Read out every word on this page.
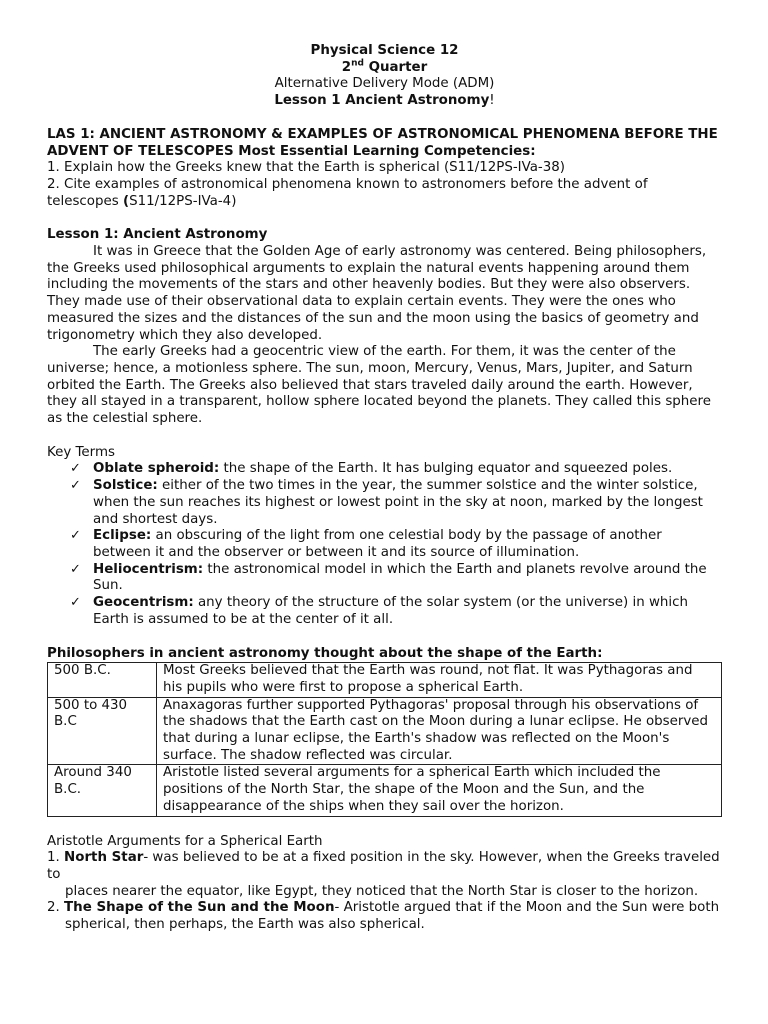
Physical Science 12

2nd Quarter

Alternative Delivery Mode (ADM)

Lesson 1 Ancient Astronomy!

LAS 1: ANCIENT ASTRONOMY & EXAMPLES OF ASTRONOMICAL PHENOMENA BEFORE THE ADVENT OF TELESCOPES Most Essential Learning Competencies:

1. Explain how the Greeks knew that the Earth is spherical (S11/12PS-IVa-38)

2. Cite examples of astronomical phenomena known to astronomers before the advent of telescopes (S11/12PS-IVa-4)

Lesson 1: Ancient Astronomy

It was in Greece that the Golden Age of early astronomy was centered. Being philosophers, the Greeks used philosophical arguments to explain the natural events happening around them including the movements of the stars and other heavenly bodies. But they were also observers. They made use of their observational data to explain certain events. They were the ones who measured the sizes and the distances of the sun and the moon using the basics of geometry and trigonometry which they also developed.

The early Greeks had a geocentric view of the earth. For them, it was the center of the universe; hence, a motionless sphere. The sun, moon, Mercury, Venus, Mars, Jupiter, and Saturn orbited the Earth. The Greeks also believed that stars traveled daily around the earth. However, they all stayed in a transparent, hollow sphere located beyond the planets. They called this sphere as the celestial sphere.

Key Terms

✓ Oblate spheroid: the shape of the Earth. It has bulging equator and squeezed poles.
✓ Solstice: either of the two times in the year, the summer solstice and the winter solstice, when the sun reaches its highest or lowest point in the sky at noon, marked by the longest and shortest days.
✓ Eclipse: an obscuring of the light from one celestial body by the passage of another between it and the observer or between it and its source of illumination.
✓ Heliocentrism: the astronomical model in which the Earth and planets revolve around the Sun.
✓ Geocentrism: any theory of the structure of the solar system (or the universe) in which Earth is assumed to be at the center of it all.

Philosophers in ancient astronomy thought about the shape of the Earth:

500 B.C.	Most Greeks believed that the Earth was round, not flat. It was Pythagoras and his pupils who were first to propose a spherical Earth.
500 to 430 B.C	Anaxagoras further supported Pythagoras' proposal through his observations of the shadows that the Earth cast on the Moon during a lunar eclipse. He observed that during a lunar eclipse, the Earth's shadow was reflected on the Moon's surface. The shadow reflected was circular.
Around 340 B.C.	Aristotle listed several arguments for a spherical Earth which included the positions of the North Star, the shape of the Moon and the Sun, and the disappearance of the ships when they sail over the horizon.

Aristotle Arguments for a Spherical Earth

1. North Star- was believed to be at a fixed position in the sky. However, when the Greeks traveled to

places nearer the equator, like Egypt, they noticed that the North Star is closer to the horizon.

2. The Shape of the Sun and the Moon- Aristotle argued that if the Moon and the Sun were both

spherical, then perhaps, the Earth was also spherical.
